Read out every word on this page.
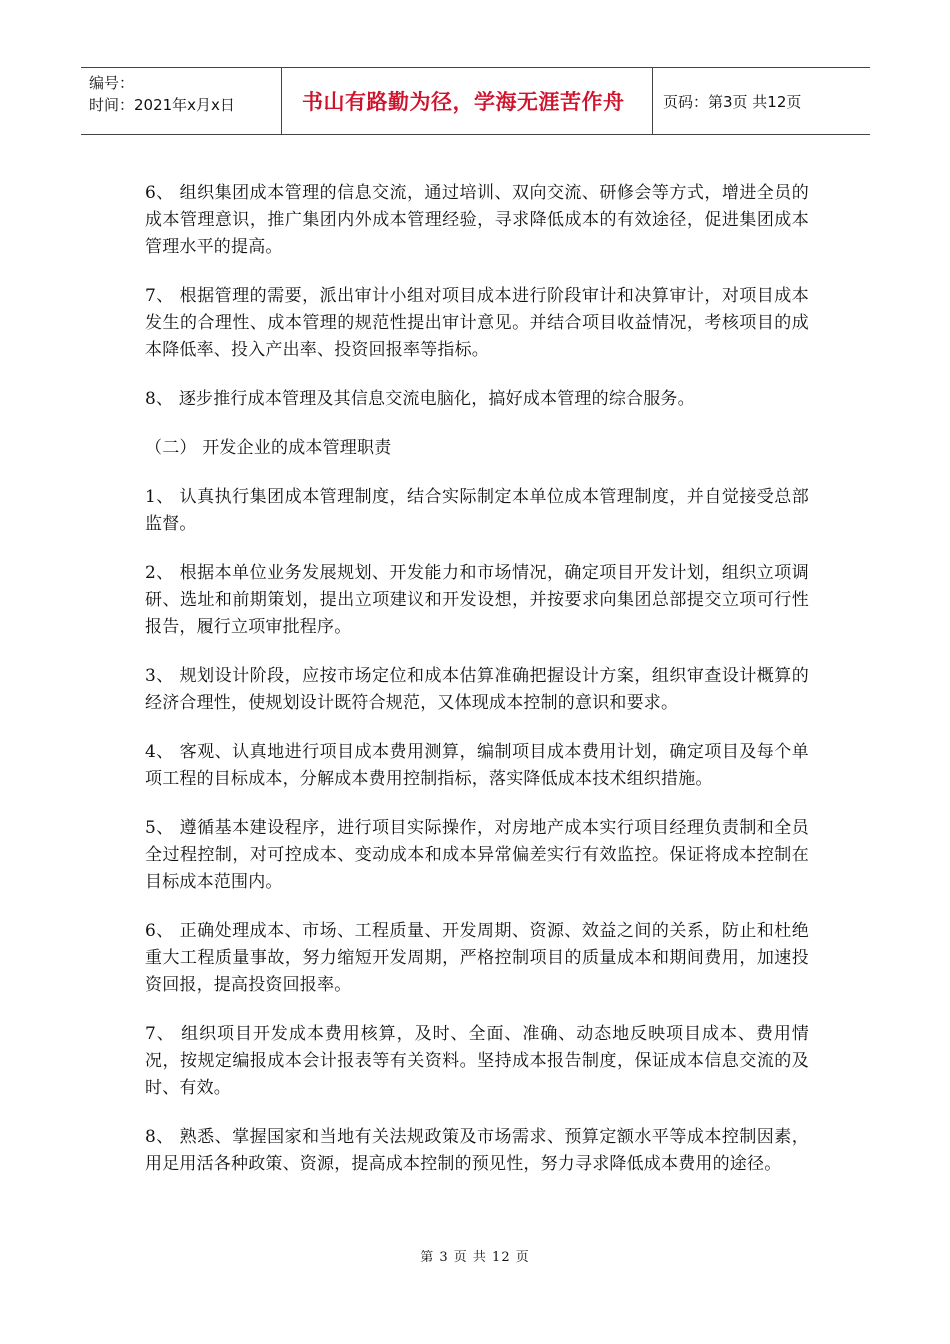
编号：
时间：2021年x月x日	书山有路勤为径，学海无涯苦作舟	页码：第3页 共12页

6、 组织集团成本管理的信息交流，通过培训、双向交流、研修会等方式，增进全员的成本管理意识，推广集团内外成本管理经验，寻求降低成本的有效途径，促进集团成本管理水平的提高。

7、 根据管理的需要，派出审计小组对项目成本进行阶段审计和决算审计，对项目成本发生的合理性、成本管理的规范性提出审计意见。并结合项目收益情况，考核项目的成本降低率、投入产出率、投资回报率等指标。

8、 逐步推行成本管理及其信息交流电脑化，搞好成本管理的综合服务。

（二） 开发企业的成本管理职责

1、 认真执行集团成本管理制度，结合实际制定本单位成本管理制度，并自觉接受总部监督。

2、 根据本单位业务发展规划、开发能力和市场情况，确定项目开发计划，组织立项调研、选址和前期策划，提出立项建议和开发设想，并按要求向集团总部提交立项可行性报告，履行立项审批程序。

3、 规划设计阶段，应按市场定位和成本估算准确把握设计方案，组织审查设计概算的经济合理性，使规划设计既符合规范，又体现成本控制的意识和要求。

4、 客观、认真地进行项目成本费用测算，编制项目成本费用计划，确定项目及每个单项工程的目标成本，分解成本费用控制指标，落实降低成本技术组织措施。

5、 遵循基本建设程序，进行项目实际操作，对房地产成本实行项目经理负责制和全员全过程控制，对可控成本、变动成本和成本异常偏差实行有效监控。保证将成本控制在目标成本范围内。

6、 正确处理成本、市场、工程质量、开发周期、资源、效益之间的关系，防止和杜绝重大工程质量事故，努力缩短开发周期，严格控制项目的质量成本和期间费用，加速投资回报，提高投资回报率。

7、 组织项目开发成本费用核算，及时、全面、准确、动态地反映项目成本、费用情况，按规定编报成本会计报表等有关资料。坚持成本报告制度，保证成本信息交流的及时、有效。

8、 熟悉、掌握国家和当地有关法规政策及市场需求、预算定额水平等成本控制因素，用足用活各种政策、资源，提高成本控制的预见性，努力寻求降低成本费用的途径。

第 3 页 共 12 页
